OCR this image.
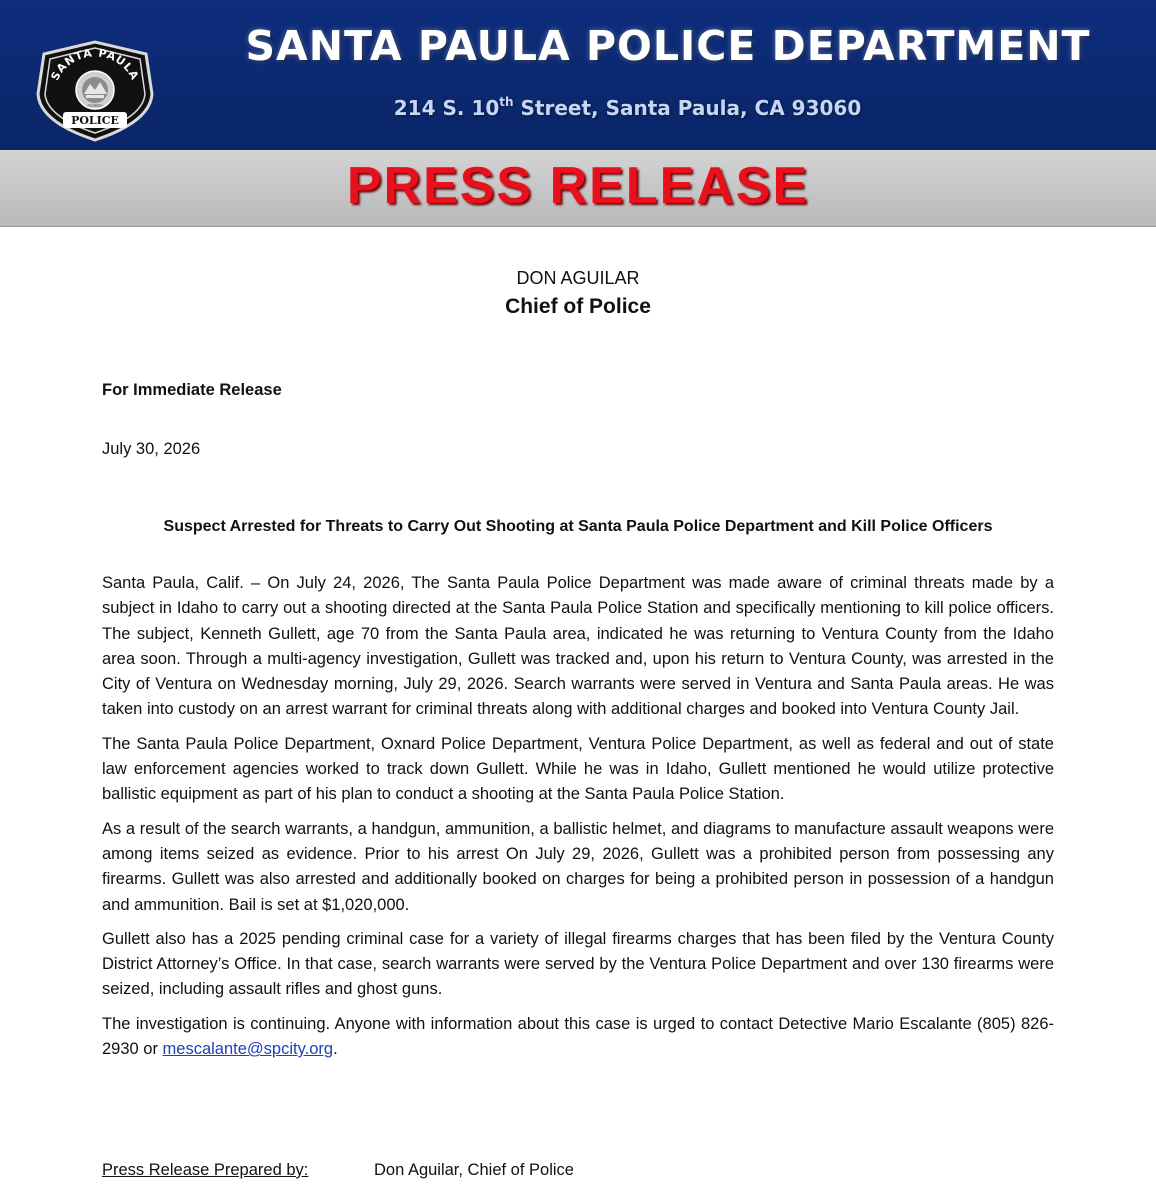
SANTA PAULA
POLICE
FOUNDED
SANTA PAULA POLICE DEPARTMENT
214 S. 10th Street, Santa Paula, CA 93060
PRESS RELEASE
DON AGUILAR
Chief of Police
For Immediate Release
July 30, 2026
Suspect Arrested for Threats to Carry Out Shooting at Santa Paula Police Department and Kill Police Officers

Santa Paula, Calif. – On July 24, 2026, The Santa Paula Police Department was made aware of criminal threats made by a subject in Idaho to carry out a shooting directed at the Santa Paula Police Station and specifically mentioning to kill police officers. The subject, Kenneth Gullett, age 70 from the Santa Paula area, indicated he was returning to Ventura County from the Idaho area soon. Through a multi-agency investigation, Gullett was tracked and, upon his return to Ventura County, was arrested in the City of Ventura on Wednesday morning, July 29, 2026. Search warrants were served in Ventura and Santa Paula areas. He was taken into custody on an arrest warrant for criminal threats along with additional charges and booked into Ventura County Jail.

The Santa Paula Police Department, Oxnard Police Department, Ventura Police Department, as well as federal and out of state law enforcement agencies worked to track down Gullett. While he was in Idaho, Gullett mentioned he would utilize protective ballistic equipment as part of his plan to conduct a shooting at the Santa Paula Police Station.

As a result of the search warrants, a handgun, ammunition, a ballistic helmet, and diagrams to manufacture assault weapons were among items seized as evidence. Prior to his arrest On July 29, 2026, Gullett was a prohibited person from possessing any firearms. Gullett was also arrested and additionally booked on charges for being a prohibited person in possession of a handgun and ammunition. Bail is set at $1,020,000.

Gullett also has a 2025 pending criminal case for a variety of illegal firearms charges that has been filed by the Ventura County District Attorney’s Office. In that case, search warrants were served by the Ventura Police Department and over 130 firearms were seized, including assault rifles and ghost guns.

The investigation is continuing. Anyone with information about this case is urged to contact Detective Mario Escalante (805) 826-2930 or mescalante@spcity.org.

Press Release Prepared by:	Don Aguilar, Chief of Police
